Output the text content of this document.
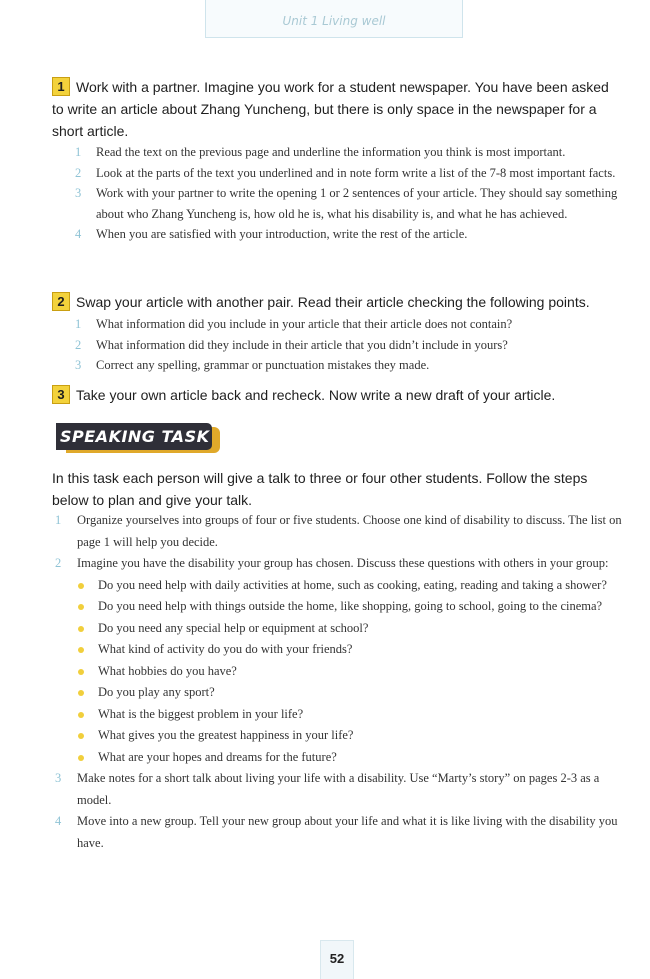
Unit 1 Living well
1 Work with a partner. Imagine you work for a student newspaper. You have been asked to write an article about Zhang Yuncheng, but there is only space in the newspaper for a short article.
1 Read the text on the previous page and underline the information you think is most important.
2 Look at the parts of the text you underlined and in note form write a list of the 7-8 most important facts.
3 Work with your partner to write the opening 1 or 2 sentences of your article. They should say something about who Zhang Yuncheng is, how old he is, what his disability is, and what he has achieved.
4 When you are satisfied with your introduction, write the rest of the article.
2 Swap your article with another pair. Read their article checking the following points.
1 What information did you include in your article that their article does not contain?
2 What information did they include in their article that you didn’t include in yours?
3 Correct any spelling, grammar or punctuation mistakes they made.
3 Take your own article back and recheck. Now write a new draft of your article.
SPEAKING TASK
In this task each person will give a talk to three or four other students. Follow the steps below to plan and give your talk.
1 Organize yourselves into groups of four or five students. Choose one kind of disability to discuss. The list on page 1 will help you decide.
2 Imagine you have the disability your group has chosen. Discuss these questions with others in your group:
Do you need help with daily activities at home, such as cooking, eating, reading and taking a shower?
Do you need help with things outside the home, like shopping, going to school, going to the cinema?
Do you need any special help or equipment at school?
What kind of activity do you do with your friends?
What hobbies do you have?
Do you play any sport?
What is the biggest problem in your life?
What gives you the greatest happiness in your life?
What are your hopes and dreams for the future?
3 Make notes for a short talk about living your life with a disability. Use “Marty’s story” on pages 2-3 as a model.
4 Move into a new group. Tell your new group about your life and what it is like living with the disability you have.
52
